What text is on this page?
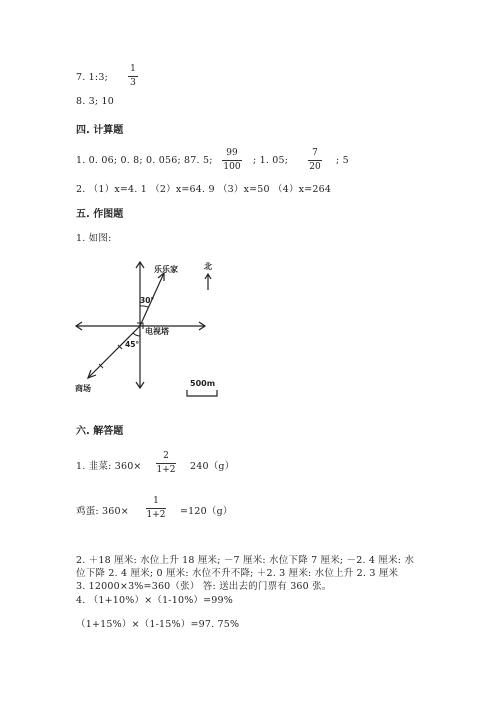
7. 1:3;
1
3
8. 3; 10
四. 计算题
1. 0. 06; 0. 8; 0. 056; 87. 5;
99
100
; 1. 05;
7
20
; 5
2. （1）x=4. 1 （2）x=64. 9 （3）x=50 （4）x=264
五. 作图题
1. 如图:
乐乐家	北
电视塔
商场
30°
45°
500m
六. 解答题
1. 韭菜: 360×
2
1+2 240（g）
鸡蛋: 360×
1
1+2 =120（g）
2. ＋18 厘米: 水位上升 18 厘米; －7 厘米: 水位下降 7 厘米; －2. 4 厘米: 水
位下降 2. 4 厘米; 0 厘米: 水位不升不降; ＋2. 3 厘米: 水位上升 2. 3 厘米
3. 12000×3%=360（张） 答: 送出去的门票有 360 张。
4. （1+10%）×（1-10%）=99%
（1+15%）×（1-15%）=97. 75%
